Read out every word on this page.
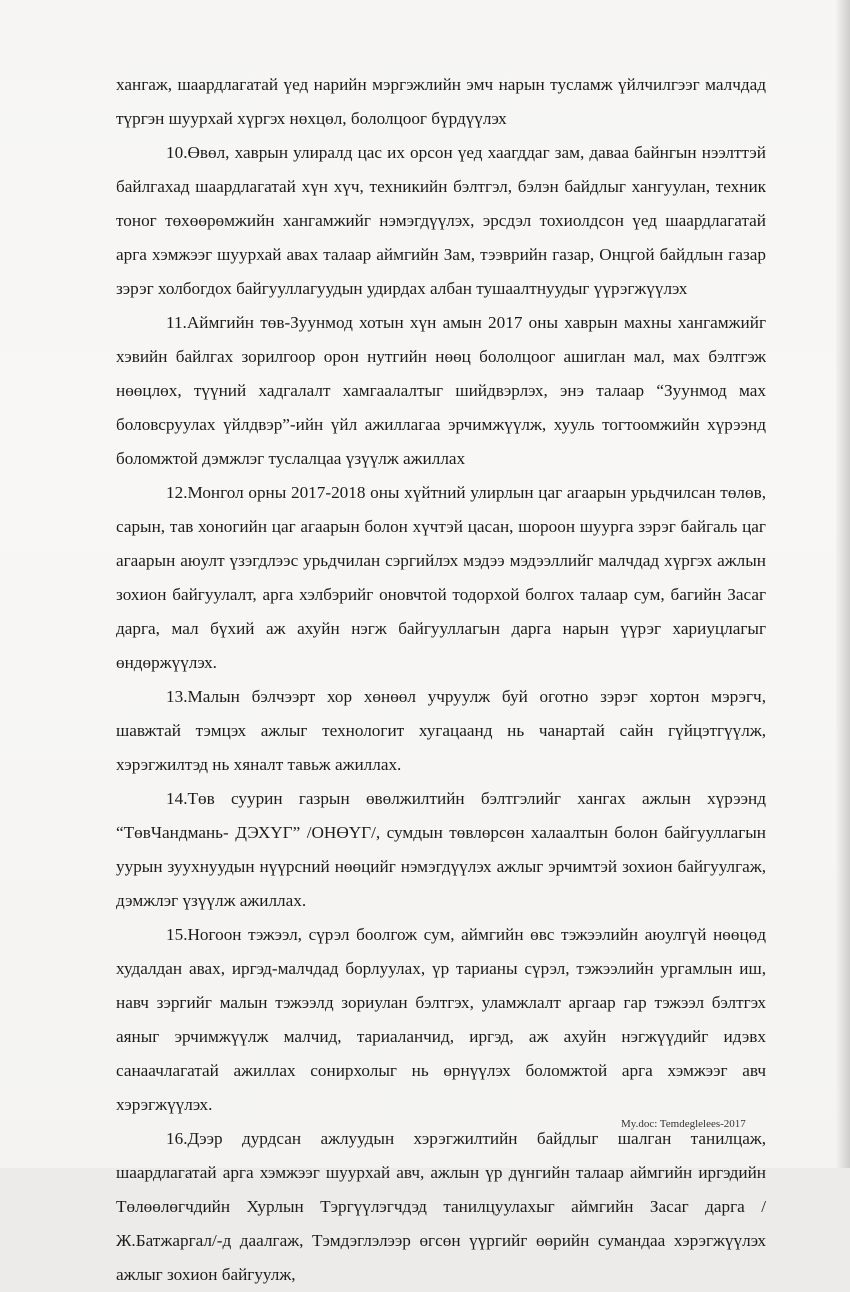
хангаж, шаардлагатай үед нарийн мэргэжлийн эмч нарын тусламж үйлчилгээг малчдад түргэн шуурхай хүргэх нөхцөл, бололцоог бүрдүүлэх

10.Өвөл, хаврын улиралд цас их орсон үед хаагддаг зам, даваа байнгын нээлттэй байлгахад шаардлагатай хүн хүч, техникийн бэлтгэл, бэлэн байдлыг хангуулан, техник тоног төхөөрөмжийн хангамжийг нэмэгдүүлэх, эрсдэл тохиолдсон үед шаардлагатай арга хэмжээг шуурхай авах талаар аймгийн Зам, тээврийн газар, Онцгой байдлын газар зэрэг холбогдох байгууллагуудын удирдах албан тушаалтнуудыг үүрэгжүүлэх

11.Аймгийн төв-Зуунмод хотын хүн амын 2017 оны хаврын махны хангамжийг хэвийн байлгах зорилгоор орон нутгийн нөөц бололцоог ашиглан мал, мах бэлтгэж нөөцлөх, түүний хадгалалт хамгаалалтыг шийдвэрлэх, энэ талаар “Зуунмод мах боловсруулах үйлдвэр”-ийн үйл ажиллагаа эрчимжүүлж, хууль тогтоомжийн хүрээнд боломжтой дэмжлэг туслалцаа үзүүлж ажиллах

12.Монгол орны 2017-2018 оны хүйтний улирлын цаг агаарын урьдчилсан төлөв, сарын, тав хоногийн цаг агаарын болон хүчтэй цасан, шороон шуурга зэрэг байгаль цаг агаарын аюулт үзэгдлээс урьдчилан сэргийлэх мэдээ мэдээллийг малчдад хүргэх ажлын зохион байгуулалт, арга хэлбэрийг оновчтой тодорхой болгох талаар сум, багийн Засаг дарга, мал бүхий аж ахуйн нэгж байгууллагын дарга нарын үүрэг хариуцлагыг өндөржүүлэх.

13.Малын бэлчээрт хор хөнөөл учруулж буй оготно зэрэг хортон мэрэгч, шавжтай тэмцэх ажлыг технологит хугацаанд нь чанартай сайн гүйцэтгүүлж, хэрэгжилтэд нь хяналт тавьж ажиллах.

14.Төв суурин газрын өвөлжилтийн бэлтгэлийг хангах ажлын хүрээнд “ТөвЧандмань- ДЭХҮГ” /ОНӨҮГ/, сумдын төвлөрсөн халаалтын болон байгууллагын уурын зуухнуудын нүүрсний нөөцийг нэмэгдүүлэх ажлыг эрчимтэй зохион байгуулгаж, дэмжлэг үзүүлж ажиллах.

15.Ногоон тэжээл, сүрэл боолгож сум, аймгийн өвс тэжээлийн аюулгүй нөөцөд худалдан авах, иргэд-малчдад борлуулах, үр тарианы сүрэл, тэжээлийн ургамлын иш, навч зэргийг малын тэжээлд зориулан бэлтгэх, уламжлалт аргаар гар тэжээл бэлтгэх аяныг эрчимжүүлж малчид, тариаланчид, иргэд, аж ахуйн нэгжүүдийг идэвх санаачлагатай ажиллах сонирхолыг нь өрнүүлэх боломжтой арга хэмжээг авч хэрэгжүүлэх.

16.Дээр дурдсан ажлуудын хэрэгжилтийн байдлыг шалган танилцаж, шаардлагатай арга хэмжээг шуурхай авч, ажлын үр дүнгийн талаар аймгийн иргэдийн Төлөөлөгчдийн Хурлын Тэргүүлэгчдэд танилцуулахыг аймгийн Засаг дарга / Ж.Батжаргал/-д даалгаж, Тэмдэглэлээр өгсөн үүргийг өөрийн сумандаа хэрэгжүүлэх ажлыг зохион байгуулж,

My.doc: Temdeglelees-2017
